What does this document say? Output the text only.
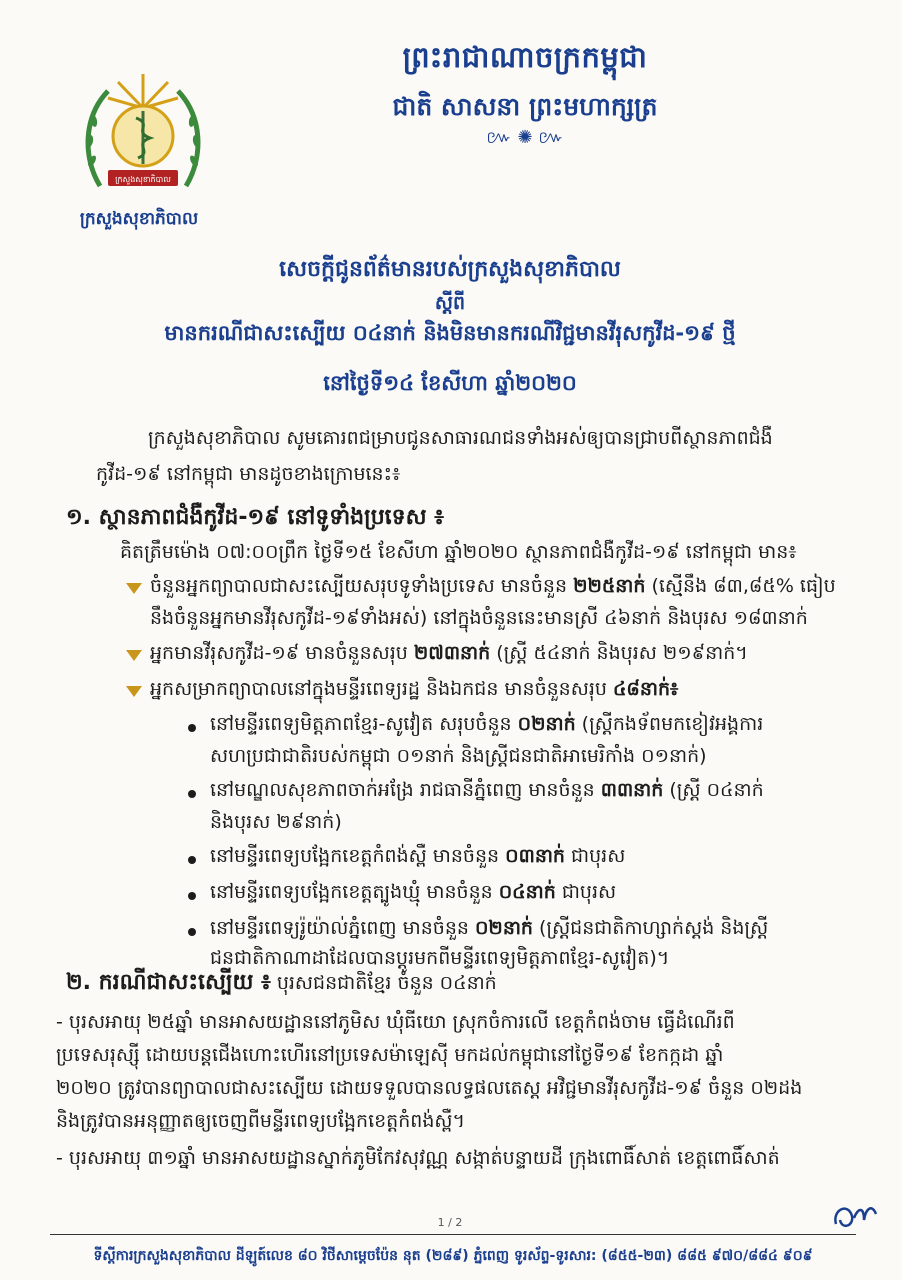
ក្រសួងសុខាភិបាល
ក្រសួងសុខាភិបាល
ព្រះរាជាណាចក្រកម្ពុជា
ជាតិ សាសនា ព្រះមហាក្សត្រ
៚ ✺ ៚
សេចក្តីជូនព័ត៌មានរបស់ក្រសួងសុខាភិបាល
ស្តីពី
មានករណីជាសះស្បើយ ០៤នាក់ និងមិនមានករណីវិជ្ជមានវីរុសកូវីដ-១៩ ថ្មី
នៅថ្ងៃទី១៤ ខែសីហា ឆ្នាំ២០២០
ក្រសួងសុខាភិបាល សូមគោរពជម្រាបជូនសាធារណជនទាំងអស់ឲ្យបានជ្រាបពីស្ថានភាពជំងឺ
កូវីដ-១៩ នៅកម្ពុជា មានដូចខាងក្រោមនេះ៖
១. ស្ថានភាពជំងឺកូវីដ-១៩ នៅទូទាំងប្រទេស ៖
គិតត្រឹមម៉ោង ០៧:០០ព្រឹក ថ្ងៃទី១៥ ខែសីហា ឆ្នាំ២០២០ ស្ថានភាពជំងឺកូវីដ-១៩ នៅកម្ពុជា មាន៖
ចំនួនអ្នកព្យាបាលជាសះស្បើយសរុបទូទាំងប្រទេស មានចំនួន ២២៥នាក់ (ស្មើនឹង ៨៣,៨៥% ធៀប
នឹងចំនួនអ្នកមានវីរុសកូវីដ-១៩ទាំងអស់) នៅក្នុងចំនួននេះមានស្រី ៤៦នាក់ និងបុរស ១៨៣នាក់
អ្នកមានវីរុសកូវីដ-១៩ មានចំនួនសរុប ២៧៣នាក់ (ស្ត្រី ៥៤នាក់ និងបុរស ២១៩នាក់។
អ្នកសម្រាកព្យាបាលនៅក្នុងមន្ទីរពេទ្យរដ្ឋ និងឯកជន មានចំនួនសរុប ៤៨នាក់៖
នៅមន្ទីរពេទ្យមិត្តភាពខ្មែរ-សូវៀត សរុបចំនួន ០២នាក់ (ស្ត្រីកងទ័ពមកខៀវអង្គការ
សហប្រជាជាតិរបស់កម្ពុជា ០១នាក់ និងស្ត្រីជនជាតិអាមេរិកាំង ០១នាក់)
នៅមណ្ឌលសុខភាពចាក់អង្រែ រាជធានីភ្នំពេញ មានចំនួន ៣៣នាក់ (ស្ត្រី ០៤នាក់
និងបុរស ២៩នាក់)
នៅមន្ទីរពេទ្យបង្អែកខេត្តកំពង់ស្ពឺ មានចំនួន ០៣នាក់ ជាបុរស
នៅមន្ទីរពេទ្យបង្អែកខេត្តត្បូងឃ្មុំ មានចំនួន ០៤នាក់ ជាបុរស
នៅមន្ទីរពេទ្យរ៉ូយ៉ាល់ភ្នំពេញ មានចំនួន ០២នាក់ (ស្ត្រីជនជាតិកាហ្សាក់ស្តង់ និងស្ត្រី
ជនជាតិកាណាដាដែលបានប្តូរមកពីមន្ទីរពេទ្យមិត្តភាពខ្មែរ-សូវៀត)។
២. ករណីជាសះស្បើយ ៖ បុរសជនជាតិខ្មែរ ចំនួន ០៤នាក់
- បុរសអាយុ ២៥ឆ្នាំ មានអាសយដ្ឋាននៅភូមិស ឃុំធីយោ ស្រុកចំការលើ ខេត្តកំពង់ចាម ធ្វើដំណើរពី
ប្រទេសរុស្ស៊ី ដោយបន្តជើងហោះហើរនៅប្រទេសម៉ាឡេស៊ី មកដល់កម្ពុជានៅថ្ងៃទី១៩ ខែកក្កដា ឆ្នាំ
២០២០ ត្រូវបានព្យាបាលជាសះស្បើយ ដោយទទួលបានលទ្ធផលតេស្ត អវិជ្ជមានវីរុសកូវីដ-១៩ ចំនួន ០២ដង
និងត្រូវបានអនុញ្ញាតឲ្យចេញពីមន្ទីរពេទ្យបង្អែកខេត្តកំពង់ស្ពឺ។
- បុរសអាយុ ៣១ឆ្នាំ មានអាសយដ្ឋានស្នាក់ភូមិកែវសុវណ្ណ សង្កាត់បន្ទាយដី ក្រុងពោធិ៍សាត់ ខេត្តពោធិ៍សាត់
1 / 2
ទីស្តីការក្រសួងសុខាភិបាល ដីឡូត៍លេខ ៨០ វិថីសាម្តេចប៉ែន នុត (២៨៩) ភ្នំពេញ ទូរស័ព្ទ-ទូរសារ: (៨៥៥-២៣) ៨៨៥ ៩៧០/៨៨៤ ៩០៩
